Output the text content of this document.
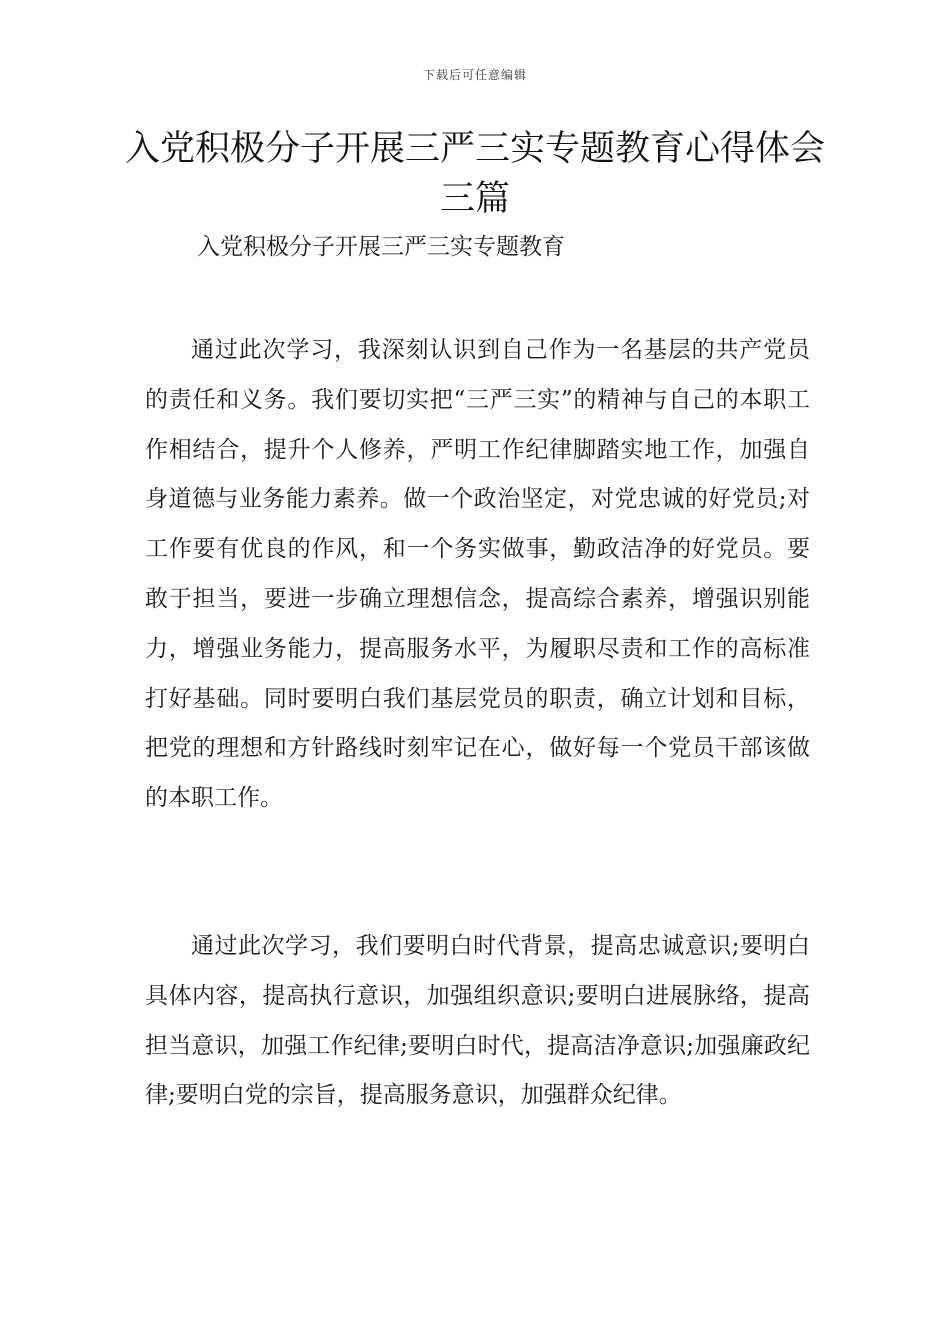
下载后可任意编辑
入党积极分子开展三严三实专题教育心得体会三篇
入党积极分子开展三严三实专题教育

通过此次学习，我深刻认识到自己作为一名基层的共产党员的责任和义务。我们要切实把“三严三实”的精神与自己的本职工作相结合，提升个人修养，严明工作纪律脚踏实地工作，加强自身道德与业务能力素养。做一个政治坚定，对党忠诚的好党员;对工作要有优良的作风，和一个务实做事，勤政洁净的好党员。要敢于担当，要进一步确立理想信念，提高综合素养，增强识别能力，增强业务能力，提高服务水平，为履职尽责和工作的高标准打好基础。同时要明白我们基层党员的职责，确立计划和目标，把党的理想和方针路线时刻牢记在心，做好每一个党员干部该做的本职工作。

通过此次学习，我们要明白时代背景，提高忠诚意识;要明白具体内容，提高执行意识，加强组织意识;要明白进展脉络，提高担当意识，加强工作纪律;要明白时代，提高洁净意识;加强廉政纪律;要明白党的宗旨，提高服务意识，加强群众纪律。
